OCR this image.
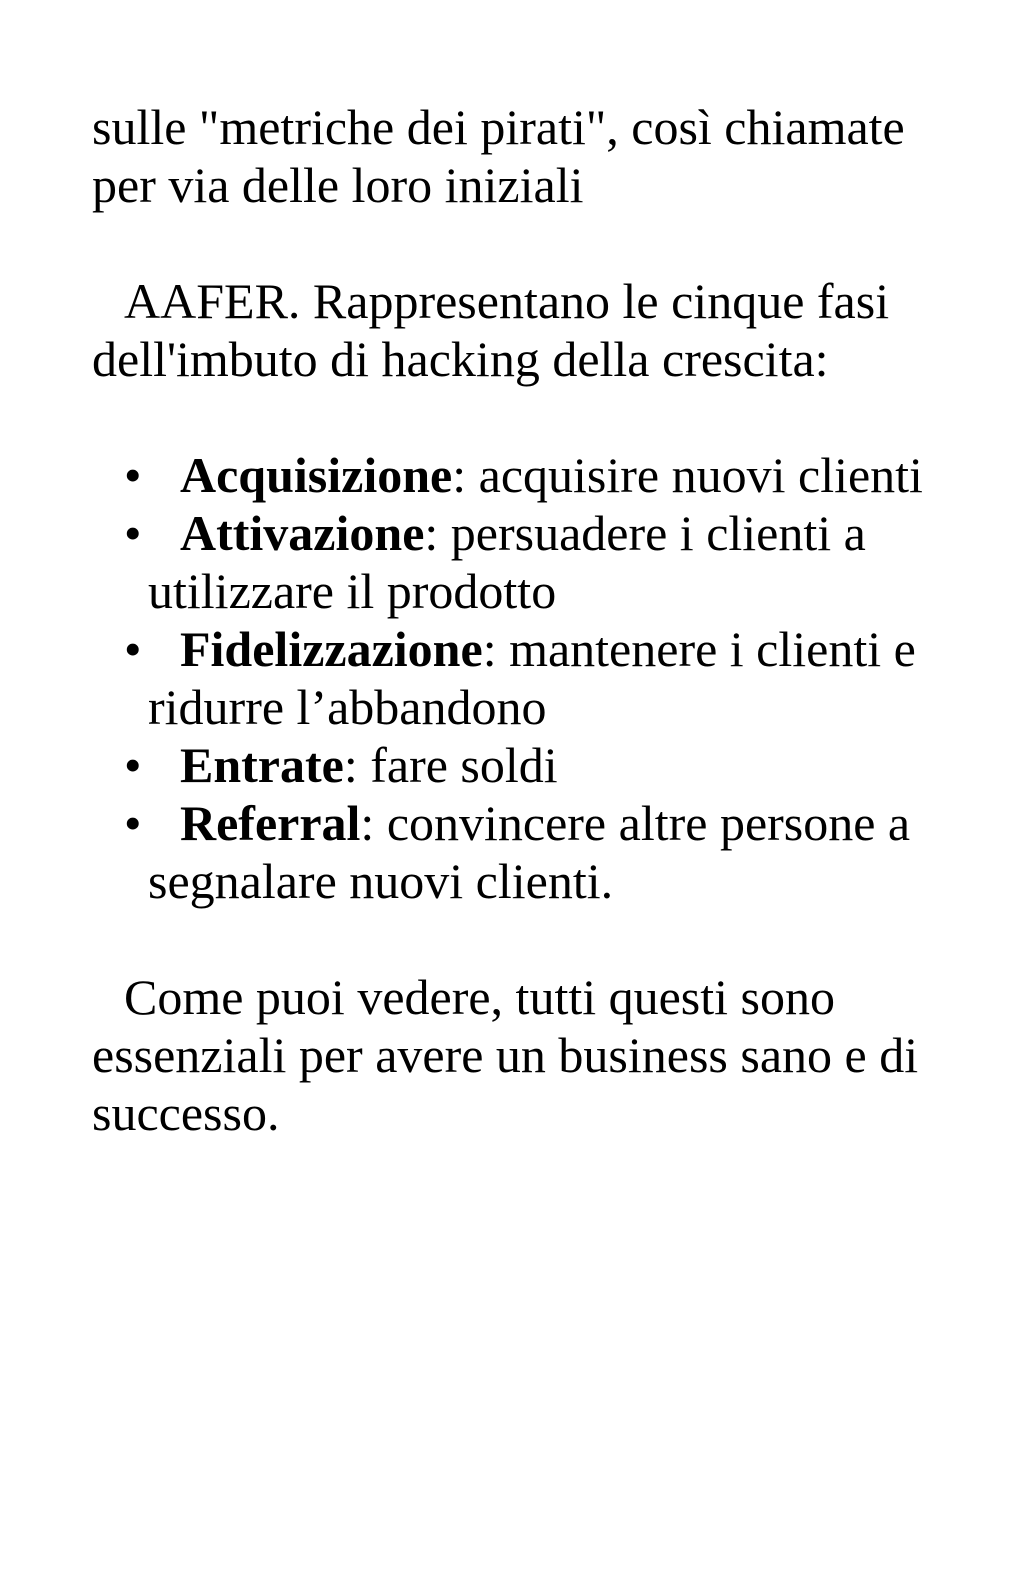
sulle "metriche dei pirati", così chiamate per via delle loro iniziali

AAFER. Rappresentano le cinque fasi dell'imbuto di hacking della crescita:

• Acquisizione: acquisire nuovi clienti
• Attivazione: persuadere i clienti a utilizzare il prodotto
• Fidelizzazione: mantenere i clienti e ridurre l’abbandono
• Entrate: fare soldi
• Referral: convincere altre persone a segnalare nuovi clienti.

Come puoi vedere, tutti questi sono essenziali per avere un business sano e di successo.
